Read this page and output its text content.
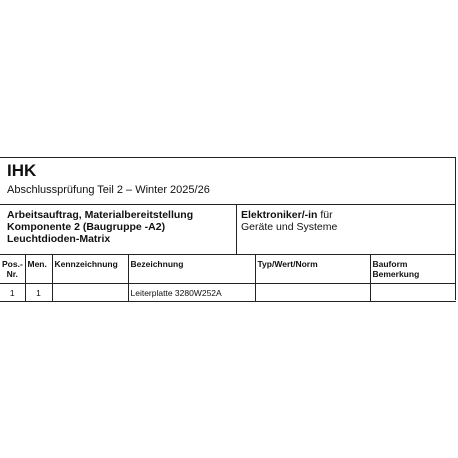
IHK
Abschlussprüfung Teil 2 – Winter 2025/26
Arbeitsauftrag, Materialbereitstellung
Komponente 2 (Baugruppe -A2)
Leuchtdioden-Matrix
Elektroniker/-in für
Geräte und Systeme
Pos.-
Nr.	Men.	Kennzeichnung	Bezeichnung	Typ/Wert/Norm	Bauform
Bemerkung
1	1		Leiterplatte 3280W252A		
